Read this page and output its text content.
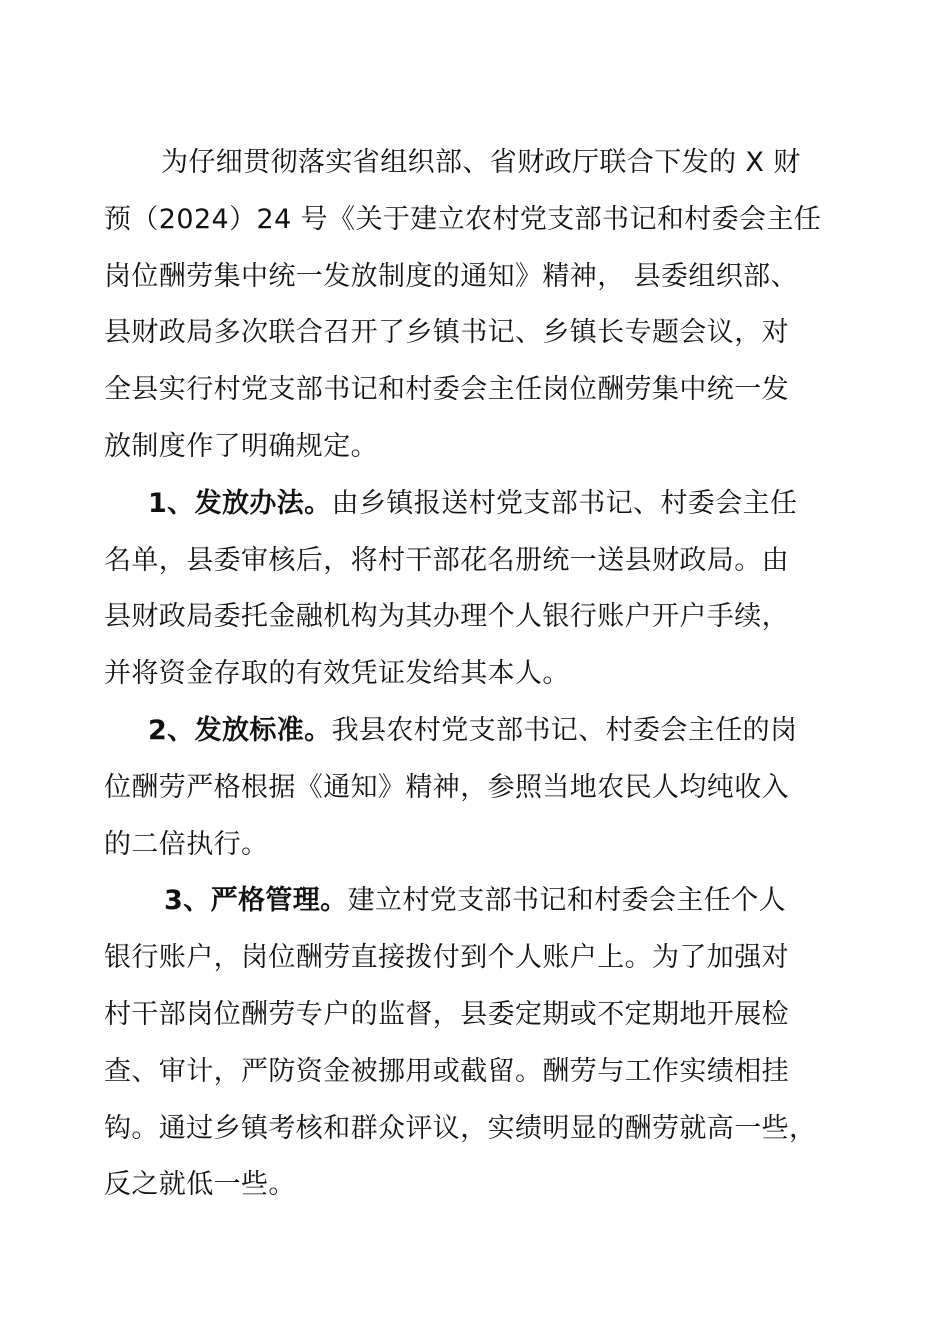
为仔细贯彻落实省组织部、省财政厅联合下发的 X 财
预（2024）24 号《关于建立农村党支部书记和村委会主任
岗位酬劳集中统一发放制度的通知》精神， 县委组织部、
县财政局多次联合召开了乡镇书记、乡镇长专题会议，对
全县实行村党支部书记和村委会主任岗位酬劳集中统一发
放制度作了明确规定。
1、发放办法。由乡镇报送村党支部书记、村委会主任
名单，县委审核后，将村干部花名册统一送县财政局。由
县财政局委托金融机构为其办理个人银行账户开户手续，
并将资金存取的有效凭证发给其本人。
2、发放标准。我县农村党支部书记、村委会主任的岗
位酬劳严格根据《通知》精神，参照当地农民人均纯收入
的二倍执行。
3、严格管理。建立村党支部书记和村委会主任个人
银行账户，岗位酬劳直接拨付到个人账户上。为了加强对
村干部岗位酬劳专户的监督，县委定期或不定期地开展检
查、审计，严防资金被挪用或截留。酬劳与工作实绩相挂
钩。通过乡镇考核和群众评议，实绩明显的酬劳就高一些，
反之就低一些。
